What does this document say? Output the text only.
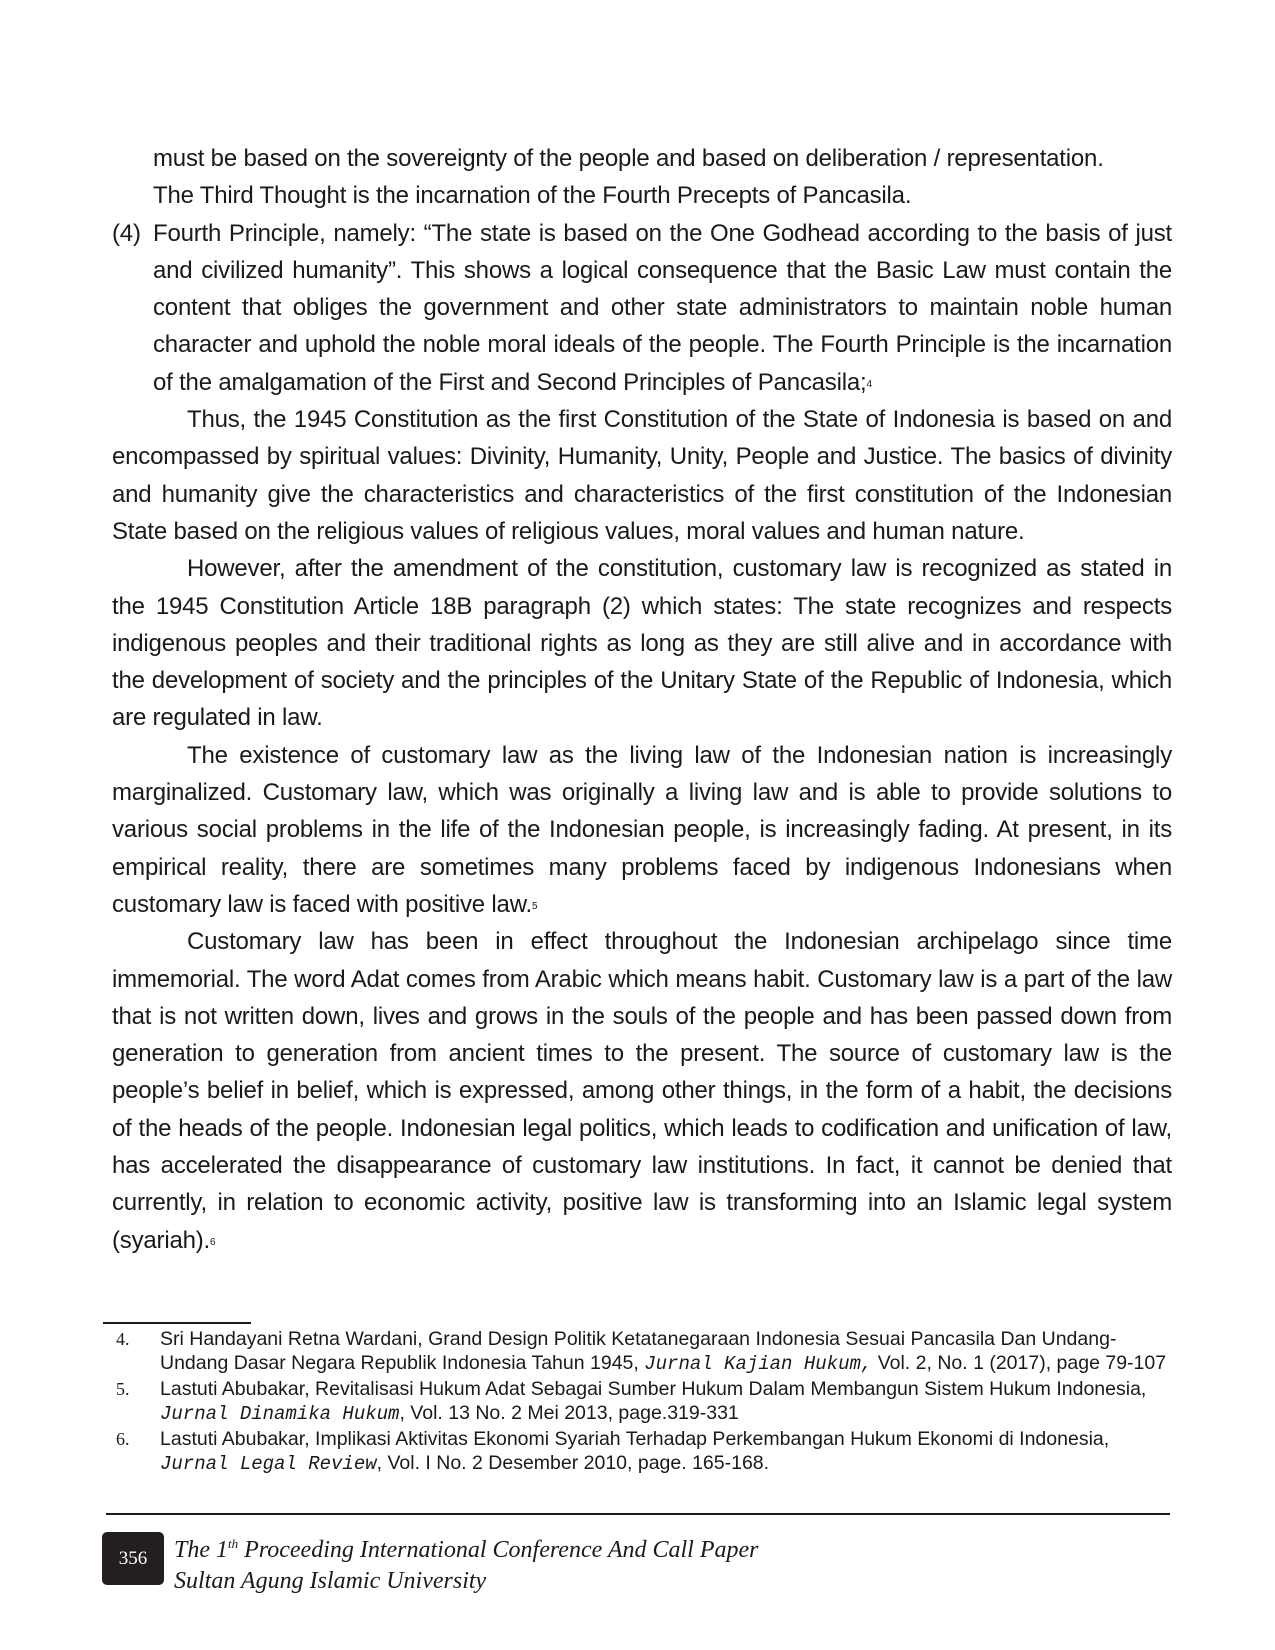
must be based on the sovereignty of the people and based on deliberation / representation.
The Third Thought is the incarnation of the Fourth Precepts of Pancasila.

(4) Fourth Principle, namely: “The state is based on the One Godhead according to the basis of just and civilized humanity”. This shows a logical consequence that the Basic Law must contain the content that obliges the government and other state administrators to maintain noble human character and uphold the noble moral ideals of the people. The Fourth Principle is the incarnation of the amalgamation of the First and Second Principles of Pancasila;$^4$

Thus, the 1945 Constitution as the first Constitution of the State of Indonesia is based on and encompassed by spiritual values: Divinity, Humanity, Unity, People and Justice. The basics of divinity and humanity give the characteristics and characteristics of the first constitution of the Indonesian State based on the religious values of religious values, moral values and human nature.

However, after the amendment of the constitution, customary law is recognized as stated in the 1945 Constitution Article 18B paragraph (2) which states: The state recognizes and respects indigenous peoples and their traditional rights as long as they are still alive and in accordance with the development of society and the principles of the Unitary State of the Republic of Indonesia, which are regulated in law.

The existence of customary law as the living law of the Indonesian nation is increasingly marginalized. Customary law, which was originally a living law and is able to provide solutions to various social problems in the life of the Indonesian people, is increasingly fading. At present, in its empirical reality, there are sometimes many problems faced by indigenous Indonesians when customary law is faced with positive law.$^5$

Customary law has been in effect throughout the Indonesian archipelago since time immemorial. The word Adat comes from Arabic which means habit. Customary law is a part of the law that is not written down, lives and grows in the souls of the people and has been passed down from generation to generation from ancient times to the present. The source of customary law is the people’s belief in belief, which is expressed, among other things, in the form of a habit, the decisions of the heads of the people. Indonesian legal politics, which leads to codification and unification of law, has accelerated the disappearance of customary law institutions. In fact, it cannot be denied that currently, in relation to economic activity, positive law is transforming into an Islamic legal system (syariah).$^6$

4. Sri Handayani Retna Wardani, Grand Design Politik Ketatanegaraan Indonesia Sesuai Pancasila Dan Undang-Undang Dasar Negara Republik Indonesia Tahun 1945, Jurnal Kajian Hukum, Vol. 2, No. 1 (2017), page 79-107
5. Lastuti Abubakar, Revitalisasi Hukum Adat Sebagai Sumber Hukum Dalam Membangun Sistem Hukum Indonesia, Jurnal Dinamika Hukum, Vol. 13 No. 2 Mei 2013, page.319-331
6. Lastuti Abubakar, Implikasi Aktivitas Ekonomi Syariah Terhadap Perkembangan Hukum Ekonomi di Indonesia, Jurnal Legal Review, Vol. I No. 2 Desember 2010, page. 165-168.
356 The 1th Proceeding International Conference And Call Paper
Sultan Agung Islamic University
